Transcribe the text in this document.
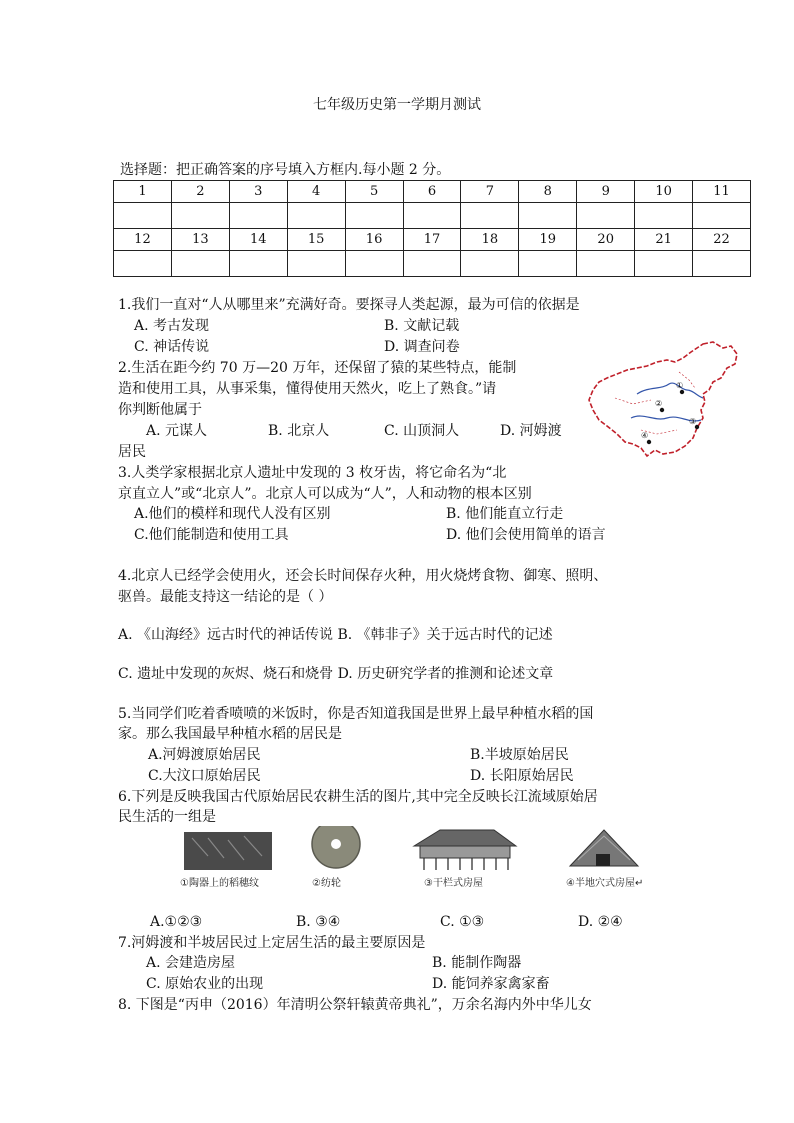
七年级历史第一学期月测试
选择题：把正确答案的序号填入方框内.每小题 2 分。
1	2	3	4	5	6	7	8	9	10	11

12	13	14	15	16	17	18	19	20	21	22

1.我们一直对“人从哪里来”充满好奇。要探寻人类起源，最为可信的依据是
A. 考古发现	B. 文献记载
C. 神话传说	D. 调查问卷
2.生活在距今约 70 万—20 万年，还保留了猿的某些特点，能制
造和使用工具，从事采集，懂得使用天然火，吃上了熟食。”请
你判断他属于
A. 元谋人	B. 北京人	C. 山顶洞人	D. 河姆渡
居民
①
②
③
④
3.人类学家根据北京人遗址中发现的 3 枚牙齿，将它命名为“北
京直立人”或“北京人”。北京人可以成为“人”，人和动物的根本区别
A.他们的模样和现代人没有区别	B. 他们能直立行走
C.他们能制造和使用工具	D. 他们会使用简单的语言
4.北京人已经学会使用火，还会长时间保存火种，用火烧烤食物、御寒、照明、
驱兽。最能支持这一结论的是（ ）
A. 《山海经》远古时代的神话传说 B. 《韩非子》关于远古时代的记述
C. 遗址中发现的灰烬、烧石和烧骨 D. 历史研究学者的推测和论述文章
5.当同学们吃着香喷喷的米饭时，你是否知道我国是世界上最早种植水稻的国
家。那么我国最早种植水稻的居民是
A.河姆渡原始居民	B.半坡原始居民
C.大汶口原始居民	D. 长阳原始居民
6.下列是反映我国古代原始居民农耕生活的图片,其中完全反映长江流域原始居
民生活的一组是
①陶器上的稻穗纹	②纺轮	③干栏式房屋	④半地穴式房屋↵
A.①②③	B. ③④	C. ①③	D. ②④
7.河姆渡和半坡居民过上定居生活的最主要原因是
A. 会建造房屋	B. 能制作陶器
C. 原始农业的出现	D. 能饲养家禽家畜
8. 下图是“丙申（2016）年清明公祭轩辕黄帝典礼”，万余名海内外中华儿女
